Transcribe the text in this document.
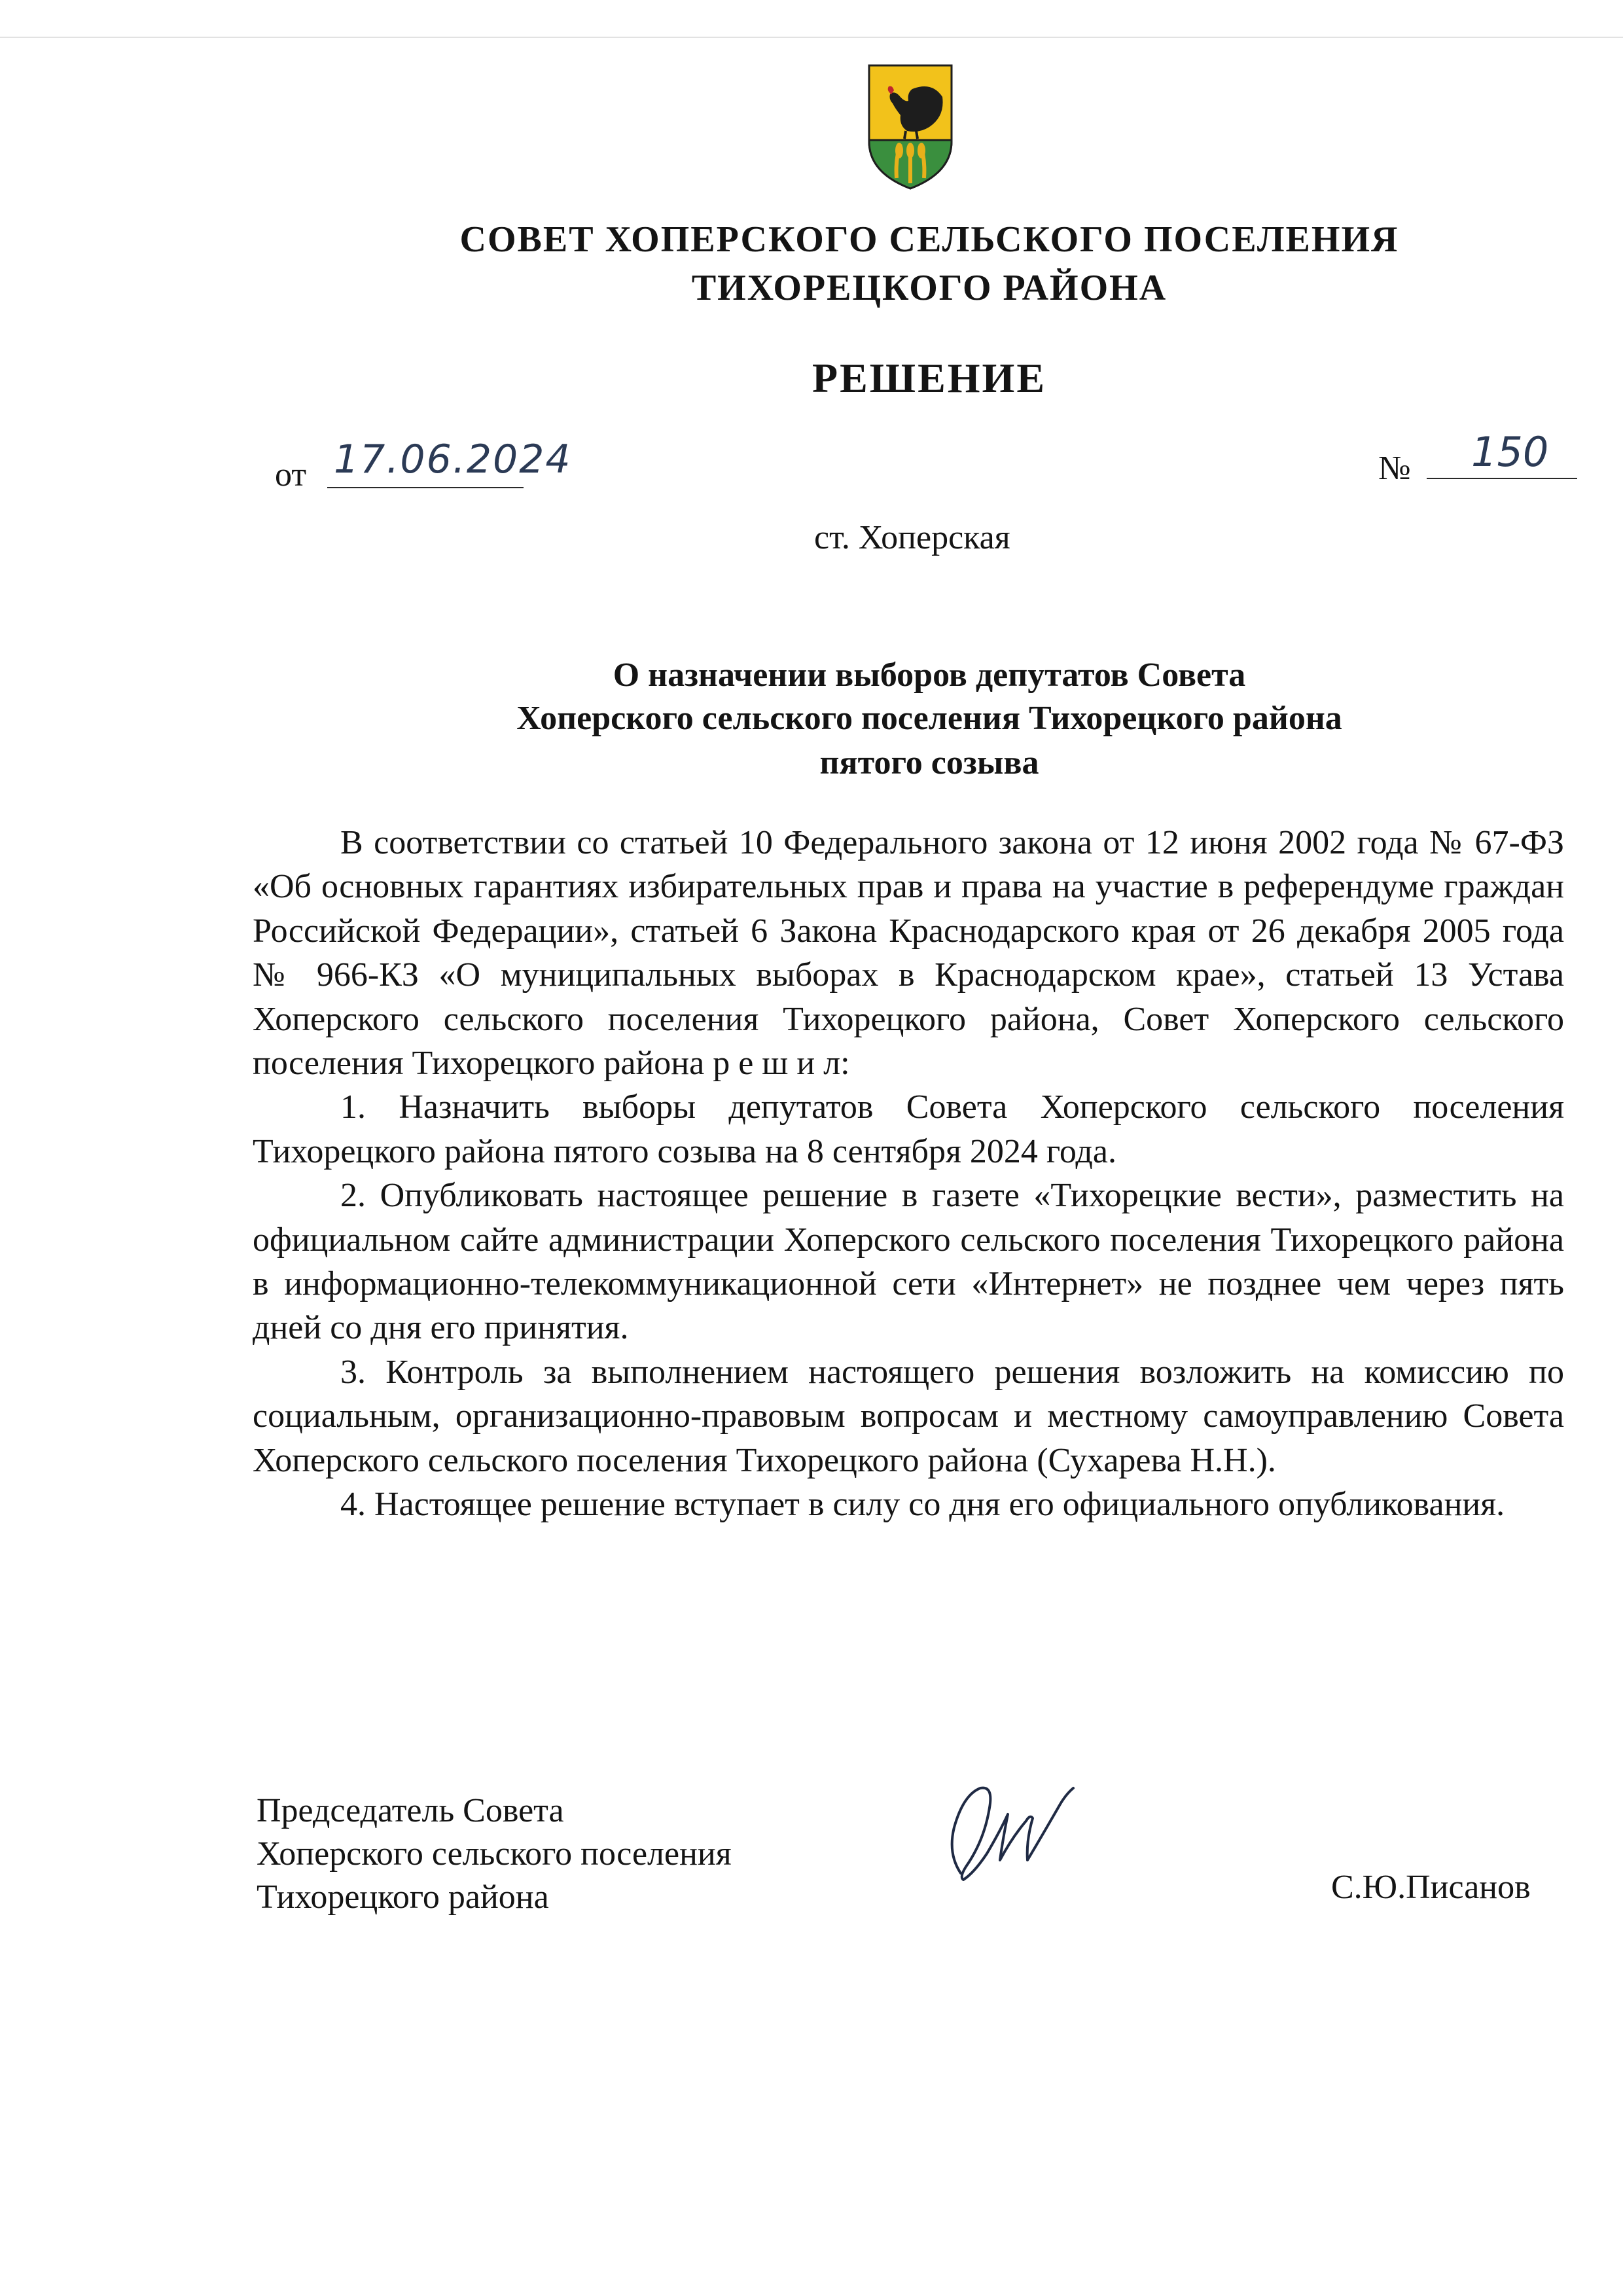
СОВЕТ ХОПЕРСКОГО СЕЛЬСКОГО ПОСЕЛЕНИЯ
ТИХОРЕЦКОГО РАЙОНА
РЕШЕНИЕ
от 17.06.2024	№ 150
ст. Хоперская
О назначении выборов депутатов Совета
Хоперского сельского поселения Тихорецкого района
пятого созыва

В соответствии со статьей 10 Федерального закона от 12 июня 2002 года № 67-ФЗ «Об основных гарантиях избирательных прав и права на участие в референдуме граждан Российской Федерации», статьей 6 Закона Краснодарского края от 26 декабря 2005 года № 966-КЗ «О муниципальных выборах в Краснодарском крае», статьей 13 Устава Хоперского сельского поселения Тихорецкого района, Совет Хоперского сельского поселения Тихорецкого района р е ш и л:

1. Назначить выборы депутатов Совета Хоперского сельского поселения Тихорецкого района пятого созыва на 8 сентября 2024 года.

2. Опубликовать настоящее решение в газете «Тихорецкие вести», разместить на официальном сайте администрации Хоперского сельского поселения Тихорецкого района в информационно-телекоммуникационной сети «Интернет» не позднее чем через пять дней со дня его принятия.

3. Контроль за выполнением настоящего решения возложить на комиссию по социальным, организационно-правовым вопросам и местному самоуправлению Совета Хоперского сельского поселения Тихорецкого района (Сухарева Н.Н.).

4. Настоящее решение вступает в силу со дня его официального опубликования.

Председатель Совета
Хоперского сельского поселения
Тихорецкого района	С.Ю.Писанов
